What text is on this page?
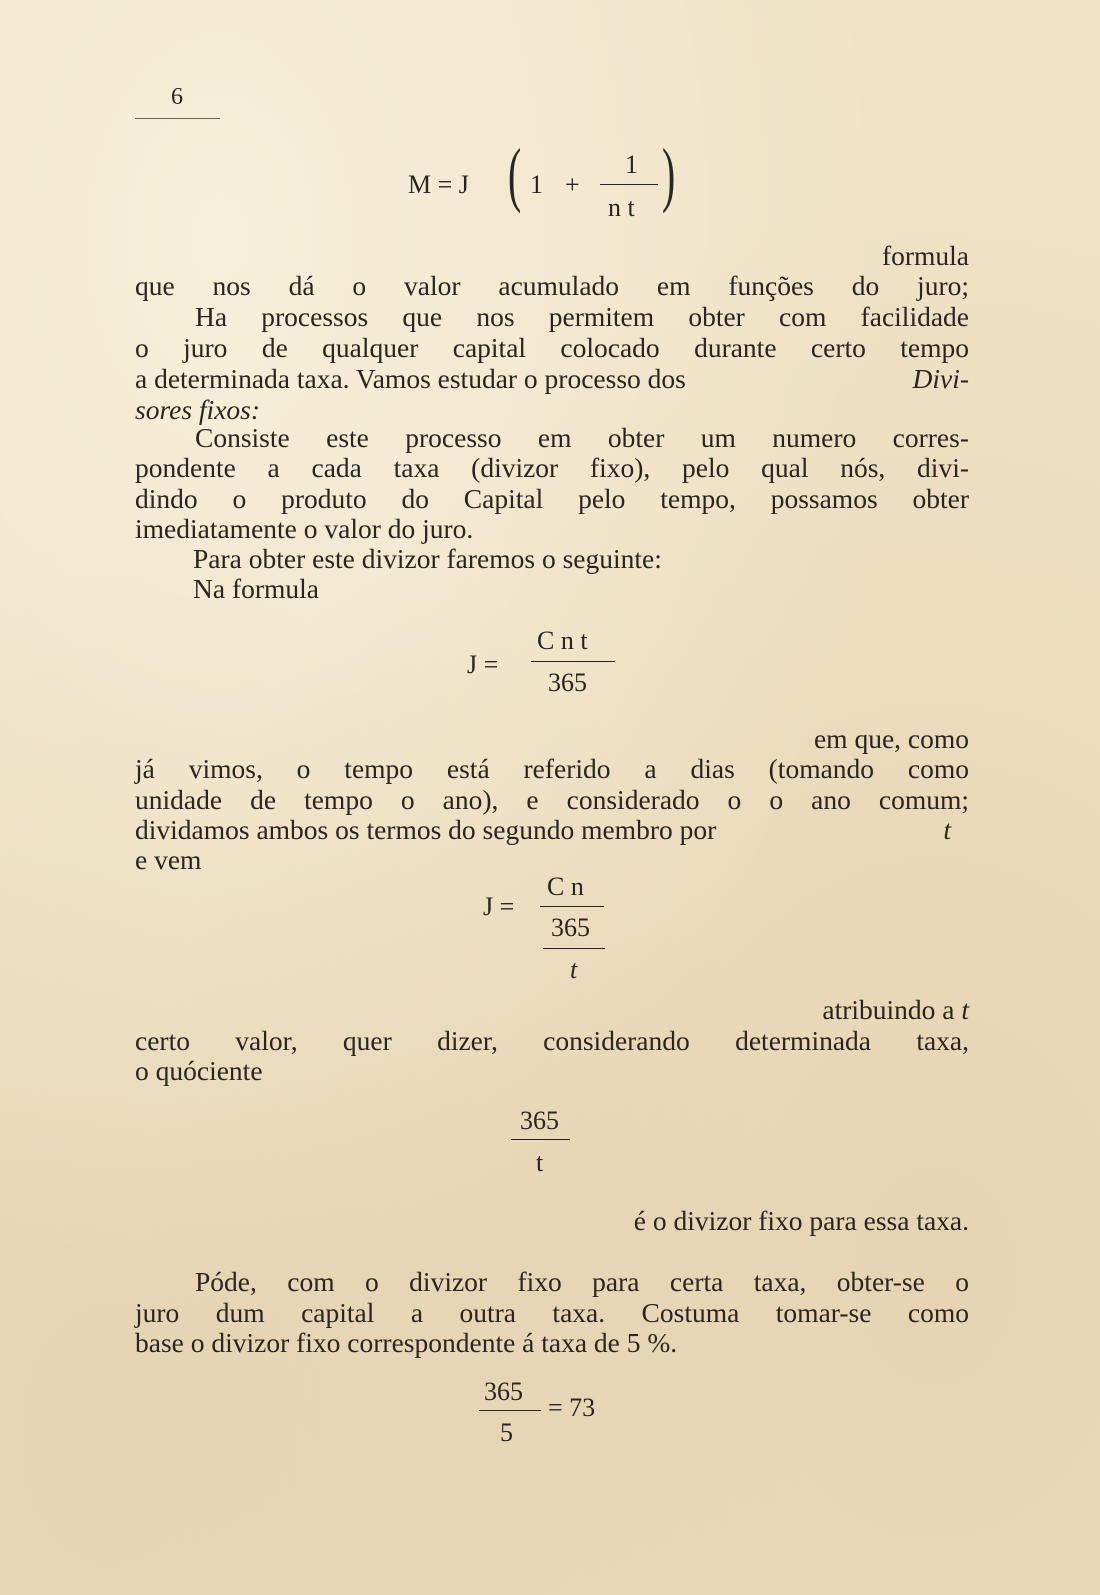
6
M = J ( 1 +
1
n t )
formula
que nos dá o valor acumulado em funções do juro;
Ha processos que nos permitem obter com facilidade
o juro de qualquer capital colocado durante certo tempo
a determinada taxa. Vamos estudar o processo dos	Divi-
sores fixos:
Consiste este processo em obter um numero corres-
pondente a cada taxa (divizor fixo), pelo qual nós, divi-
dindo o produto do Capital pelo tempo, possamos obter
imediatamente o valor do juro.
Para obter este divizor faremos o seguinte:
Na formula
J =
C n t
365
em que, como
já vimos, o tempo está referido a dias (tomando como
unidade de tempo o ano), e considerado o o ano comum;
dividamos ambos os termos do segundo membro por	t
e vem
J =
C n
365
t
atribuindo a t
certo valor, quer dizer, considerando determinada taxa,
o quóciente
365
t
é o divizor fixo para essa taxa.
Póde, com o divizor fixo para certa taxa, obter-se o
juro dum capital a outra taxa. Costuma tomar-se como
base o divizor fixo correspondente á taxa de 5 %.
365
5
= 73
